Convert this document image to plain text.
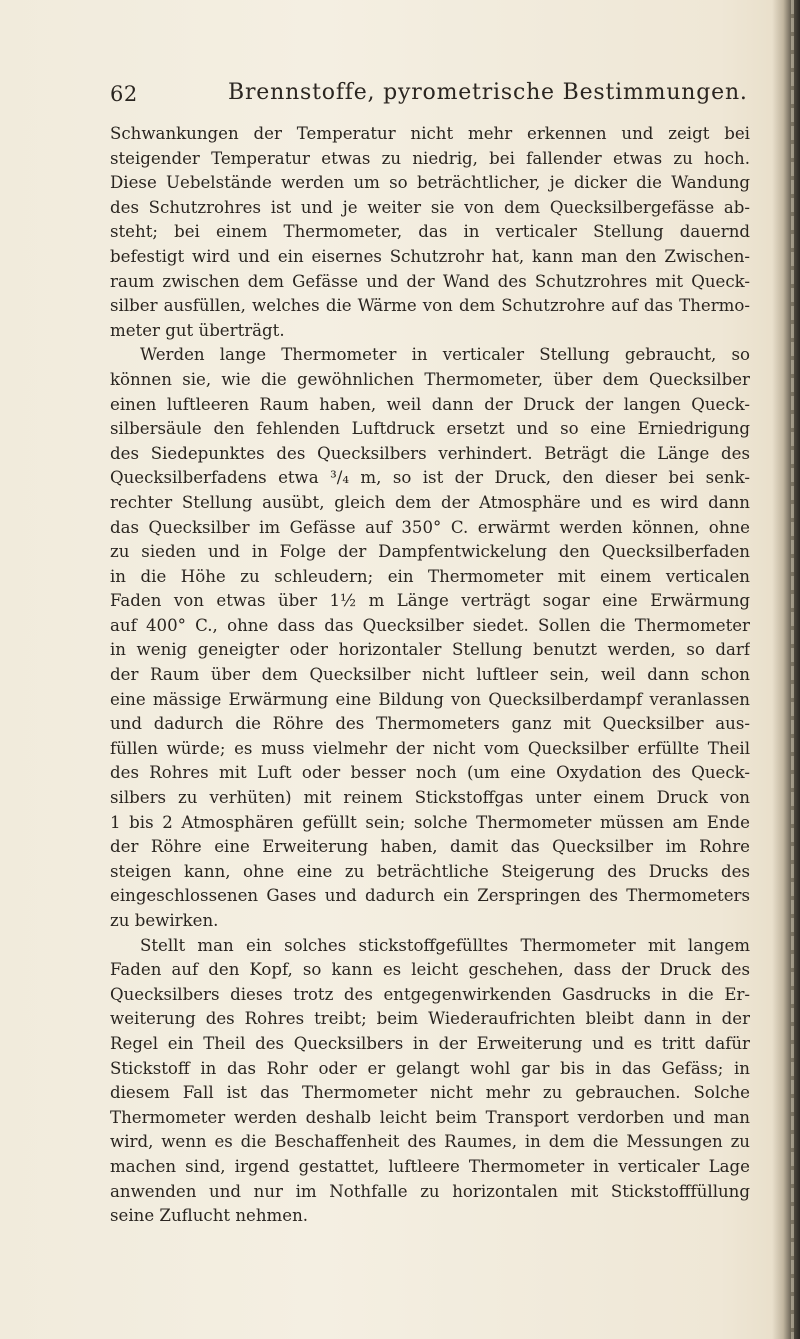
62	Brennstoffe, pyrometrische Bestimmungen.

Schwankungen der Temperatur nicht mehr erkennen und zeigt bei
steigender Temperatur etwas zu niedrig, bei fallender etwas zu hoch.
Diese Uebelstände werden um so beträchtlicher, je dicker die Wandung
des Schutzrohres ist und je weiter sie von dem Quecksilbergefässe ab-
steht; bei einem Thermometer, das in verticaler Stellung dauernd
befestigt wird und ein eisernes Schutzrohr hat, kann man den Zwischen-
raum zwischen dem Gefässe und der Wand des Schutzrohres mit Queck-
silber ausfüllen, welches die Wärme von dem Schutzrohre auf das Thermo-
meter gut überträgt.

Werden lange Thermometer in verticaler Stellung gebraucht, so
können sie, wie die gewöhnlichen Thermometer, über dem Quecksilber
einen luftleeren Raum haben, weil dann der Druck der langen Queck-
silbersäule den fehlenden Luftdruck ersetzt und so eine Erniedrigung
des Siedepunktes des Quecksilbers verhindert. Beträgt die Länge des
Quecksilberfadens etwa ³/₄ m, so ist der Druck, den dieser bei senk-
rechter Stellung ausübt, gleich dem der Atmosphäre und es wird dann
das Quecksilber im Gefässe auf 350° C. erwärmt werden können, ohne
zu sieden und in Folge der Dampfentwickelung den Quecksilberfaden
in die Höhe zu schleudern; ein Thermometer mit einem verticalen
Faden von etwas über 1½ m Länge verträgt sogar eine Erwärmung
auf 400° C., ohne dass das Quecksilber siedet. Sollen die Thermometer
in wenig geneigter oder horizontaler Stellung benutzt werden, so darf
der Raum über dem Quecksilber nicht luftleer sein, weil dann schon
eine mässige Erwärmung eine Bildung von Quecksilberdampf veranlassen
und dadurch die Röhre des Thermometers ganz mit Quecksilber aus-
füllen würde; es muss vielmehr der nicht vom Quecksilber erfüllte Theil
des Rohres mit Luft oder besser noch (um eine Oxydation des Queck-
silbers zu verhüten) mit reinem Stickstoffgas unter einem Druck von
1 bis 2 Atmosphären gefüllt sein; solche Thermometer müssen am Ende
der Röhre eine Erweiterung haben, damit das Quecksilber im Rohre
steigen kann, ohne eine zu beträchtliche Steigerung des Drucks des
eingeschlossenen Gases und dadurch ein Zerspringen des Thermometers
zu bewirken.

Stellt man ein solches stickstoffgefülltes Thermometer mit langem
Faden auf den Kopf, so kann es leicht geschehen, dass der Druck des
Quecksilbers dieses trotz des entgegenwirkenden Gasdrucks in die Er-
weiterung des Rohres treibt; beim Wiederaufrichten bleibt dann in der
Regel ein Theil des Quecksilbers in der Erweiterung und es tritt dafür
Stickstoff in das Rohr oder er gelangt wohl gar bis in das Gefäss; in
diesem Fall ist das Thermometer nicht mehr zu gebrauchen. Solche
Thermometer werden deshalb leicht beim Transport verdorben und man
wird, wenn es die Beschaffenheit des Raumes, in dem die Messungen zu
machen sind, irgend gestattet, luftleere Thermometer in verticaler Lage
anwenden und nur im Nothfalle zu horizontalen mit Stickstofffüllung
seine Zuflucht nehmen.
